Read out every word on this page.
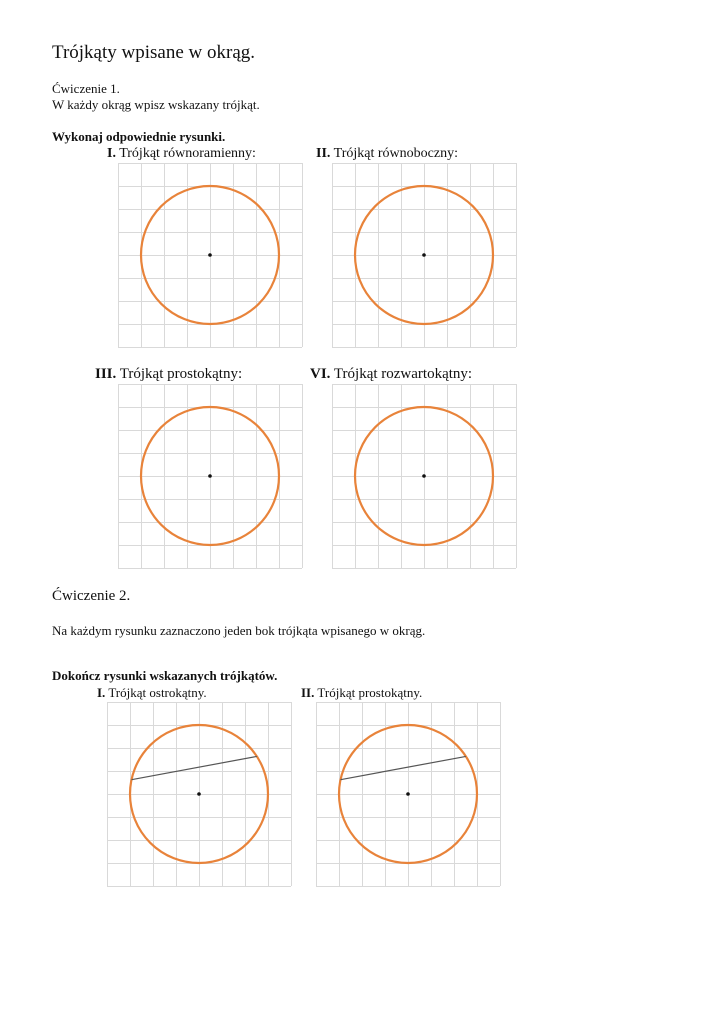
Trójkąty wpisane w okrąg.
Ćwiczenie 1.
W każdy okrąg wpisz wskazany trójkąt.
Wykonaj odpowiednie rysunki.
I. Trójkąt równoramienny:	II. Trójkąt równoboczny:
III. Trójkąt prostokątny:	VI. Trójkąt rozwartokątny:
Ćwiczenie 2.
Na każdym rysunku zaznaczono jeden bok trójkąta wpisanego w okrąg.
Dokończ rysunki wskazanych trójkątów.
I. Trójkąt ostrokątny.	II. Trójkąt prostokątny.
